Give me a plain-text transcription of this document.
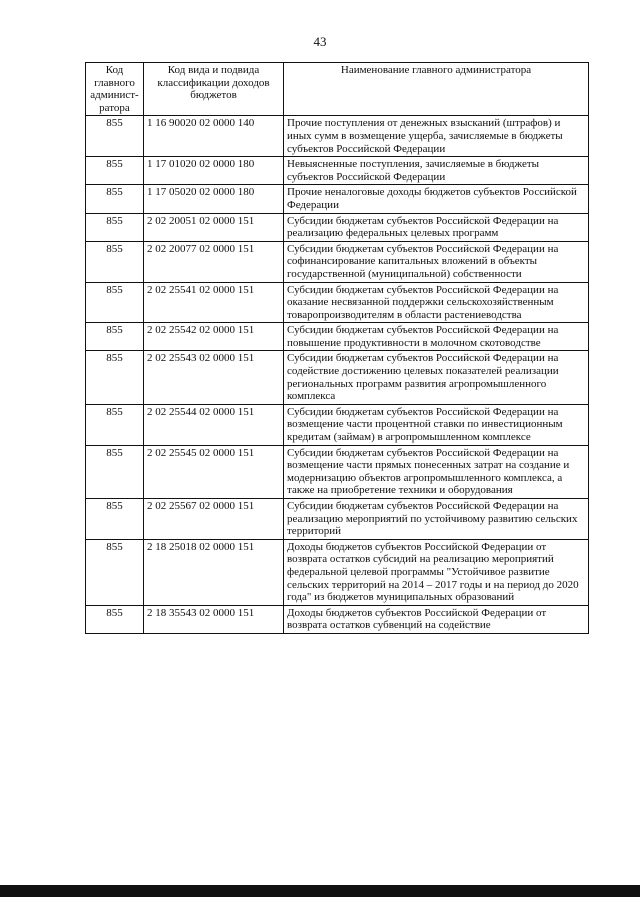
43
Код главного админист-ратора	Код вида и подвида классификации доходов бюджетов	Наименование главного администратора
855	1 16 90020 02 0000 140	Прочие поступления от денежных взысканий (штрафов) и иных сумм в возмещение ущерба, зачисляемые в бюджеты субъектов Российской Федерации
855	1 17 01020 02 0000 180	Невыясненные поступления, зачисляемые в бюджеты субъектов Российской Федерации
855	1 17 05020 02 0000 180	Прочие неналоговые доходы бюджетов субъектов Российской Федерации
855	2 02 20051 02 0000 151	Субсидии бюджетам субъектов Российской Федерации на реализацию федеральных целевых программ
855	2 02 20077 02 0000 151	Субсидии бюджетам субъектов Российской Федерации на софинансирование капитальных вложений в объекты государственной (муниципальной) собственности
855	2 02 25541 02 0000 151	Субсидии бюджетам субъектов Российской Федерации на оказание несвязанной поддержки сельскохозяйственным товаропроизводителям в области растениеводства
855	2 02 25542 02 0000 151	Субсидии бюджетам субъектов Российской Федерации на повышение продуктивности в молочном скотоводстве
855	2 02 25543 02 0000 151	Субсидии бюджетам субъектов Российской Федерации на содействие достижению целевых показателей реализации региональных программ развития агропромышленного комплекса
855	2 02 25544 02 0000 151	Субсидии бюджетам субъектов Российской Федерации на возмещение части процентной ставки по инвестиционным кредитам (займам) в агропромышленном комплексе
855	2 02 25545 02 0000 151	Субсидии бюджетам субъектов Российской Федерации на возмещение части прямых понесенных затрат на создание и модернизацию объектов агропромышленного комплекса, а также на приобретение техники и оборудования
855	2 02 25567 02 0000 151	Субсидии бюджетам субъектов Российской Федерации на реализацию мероприятий по устойчивому развитию сельских территорий
855	2 18 25018 02 0000 151	Доходы бюджетов субъектов Российской Федерации от возврата остатков субсидий на реализацию мероприятий федеральной целевой программы "Устойчивое развитие сельских территорий на 2014 – 2017 годы и на период до 2020 года" из бюджетов муниципальных образований
855	2 18 35543 02 0000 151	Доходы бюджетов субъектов Российской Федерации от возврата остатков субвенций на содействие
